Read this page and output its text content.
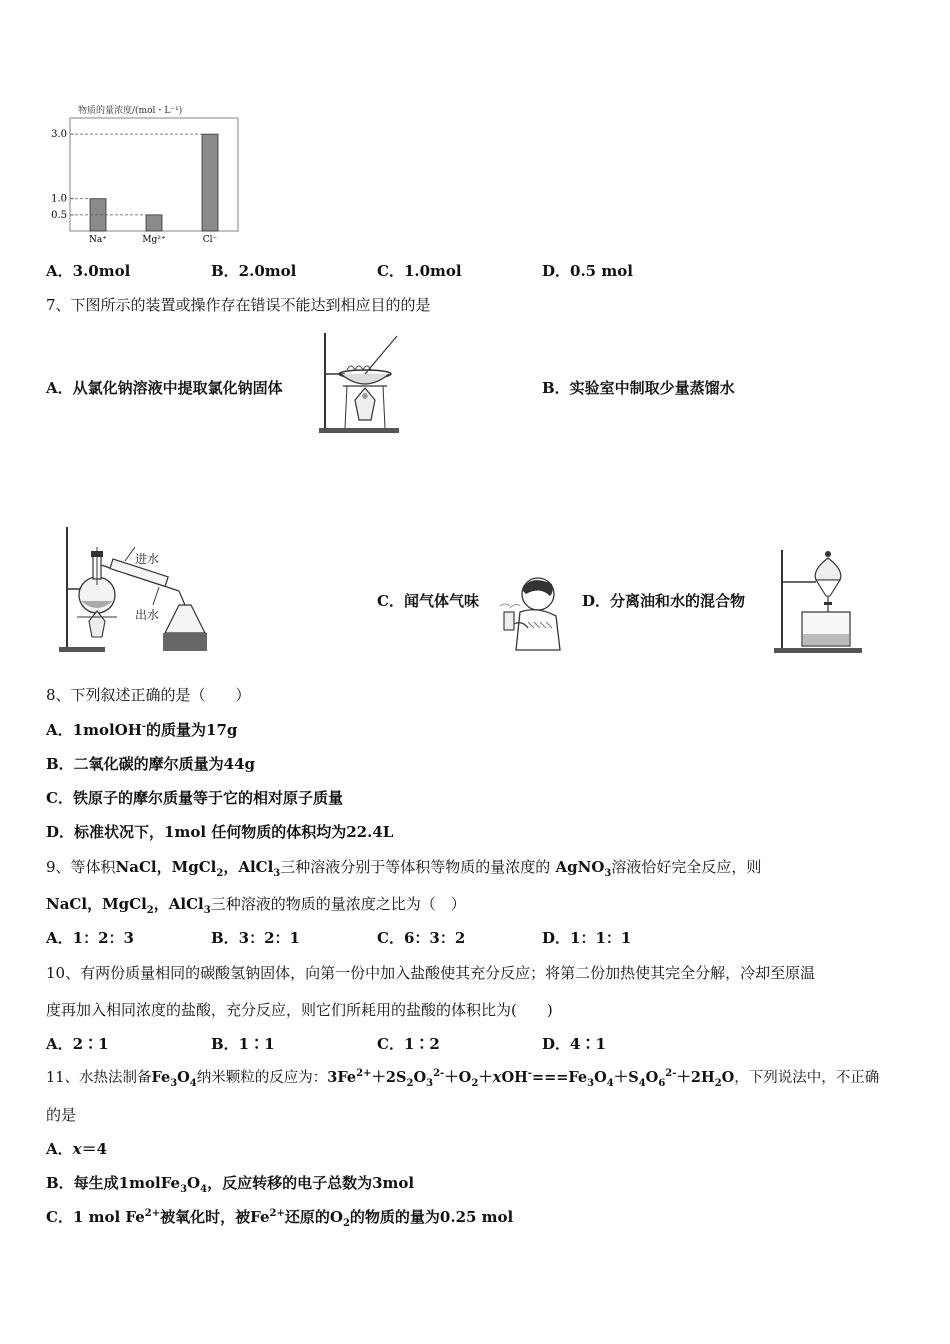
物质的量浓度/(mol・L⁻¹)
3.0
1.0
0.5
Na⁺	Mg²⁺	Cl⁻
A．3.0mol	B．2.0mol	C．1.0mol	D．0.5 mol
7、下图所示的装置或操作存在错误不能达到相应目的的是
A．从氯化钠溶液中提取氯化钠固体	B．实验室中制取少量蒸馏水
进水
出水
C．闻气体气味	D．分离油和水的混合物
8、下列叙述正确的是（　　）
A．1molOH-的质量为17g
B．二氧化碳的摩尔质量为44g
C．铁原子的摩尔质量等于它的相对原子质量
D．标准状况下，1mol 任何物质的体积均为22.4L
9、等体积NaCl，MgCl$_2$，AlCl$_3$三种溶液分别于等体积等物质的量浓度的 AgNO$_3$溶液恰好完全反应，则
NaCl，MgCl$_2$，AlCl$_3$三种溶液的物质的量浓度之比为（　）
A．1：2：3	B．3：2：1	C．6：3：2	D．1：1：1
10、有两份质量相同的碳酸氢钠固体，向第一份中加入盐酸使其充分反应；将第二份加热使其完全分解，冷却至原温
度再加入相同浓度的盐酸，充分反应，则它们所耗用的盐酸的体积比为(　　)
A．2∶1	B．1∶1	C．1∶2	D．4∶1
11、水热法制备$Fe_3O_4$纳米颗粒的反应为：$3Fe^{2+}+2S_2O_3^{2-}+O_2+xOH^-===Fe_3O_4+S_4O_6^{2-}+2H_2O$，下列说法中，不正确
的是
A．x＝4
B．每生成$1molFe_3O_4$，反应转移的电子总数为3mol
C．1 mol $Fe^{2+}$被氧化时，被$Fe^{2+}$还原的$O_2$的物质的量为0.25 mol
